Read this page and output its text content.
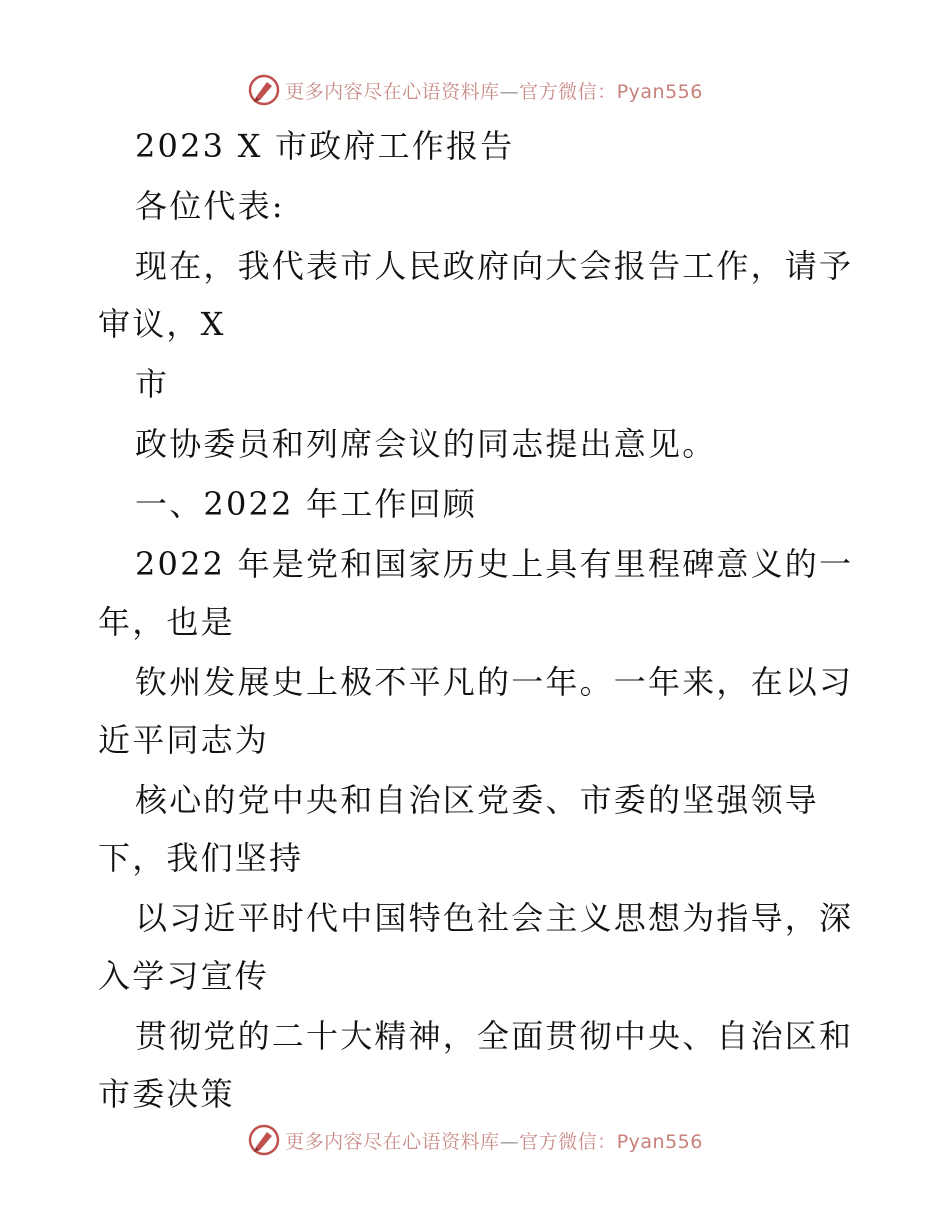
更多内容尽在心语资料库—官方微信：Pyan556
2023 X 市政府工作报告
各位代表:
现在，我代表市人民政府向大会报告工作，请予
审议，X
市
政协委员和列席会议的同志提出意见。
一、2022 年工作回顾
2022 年是党和国家历史上具有里程碑意义的一
年，也是
钦州发展史上极不平凡的一年。一年来，在以习
近平同志为
核心的党中央和自治区党委、市委的坚强领导
下，我们坚持
以习近平时代中国特色社会主义思想为指导，深
入学习宣传
贯彻党的二十大精神，全面贯彻中央、自治区和
市委决策
更多内容尽在心语资料库—官方微信：Pyan556
